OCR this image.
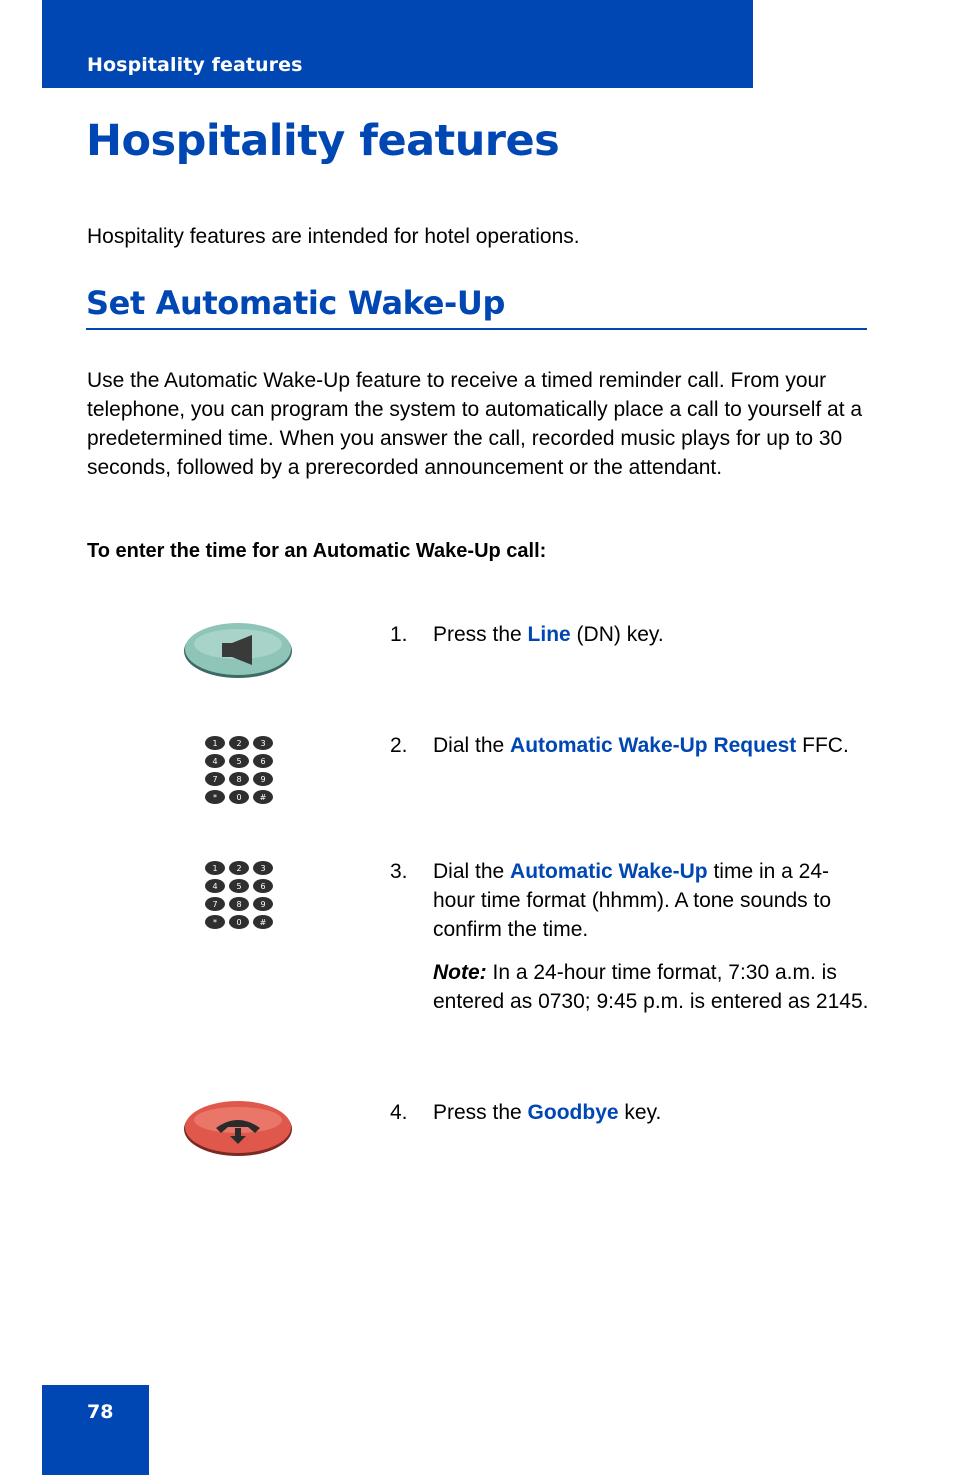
Hospitality features
Hospitality features

Hospitality features are intended for hotel operations.

Set Automatic Wake-Up

Use the Automatic Wake-Up feature to receive a timed reminder call. From your telephone, you can program the system to automatically place a call to yourself at a predetermined time. When you answer the call, recorded music plays for up to 30 seconds, followed by a prerecorded announcement or the attendant.

To enter the time for an Automatic Wake-Up call:

1 2 3
4 5 6
7 8 9
* 0 #
1 2 3
4 5 6
7 8 9
* 0 #
1. Press the Line (DN) key.
2. Dial the Automatic Wake-Up Request FFC.
3. Dial the Automatic Wake-Up time in a 24-hour time format (hhmm). A tone sounds to confirm the time.
Note: In a 24-hour time format, 7:30 a.m. is entered as 0730; 9:45 p.m. is entered as 2145.
4. Press the Goodbye key.
78
